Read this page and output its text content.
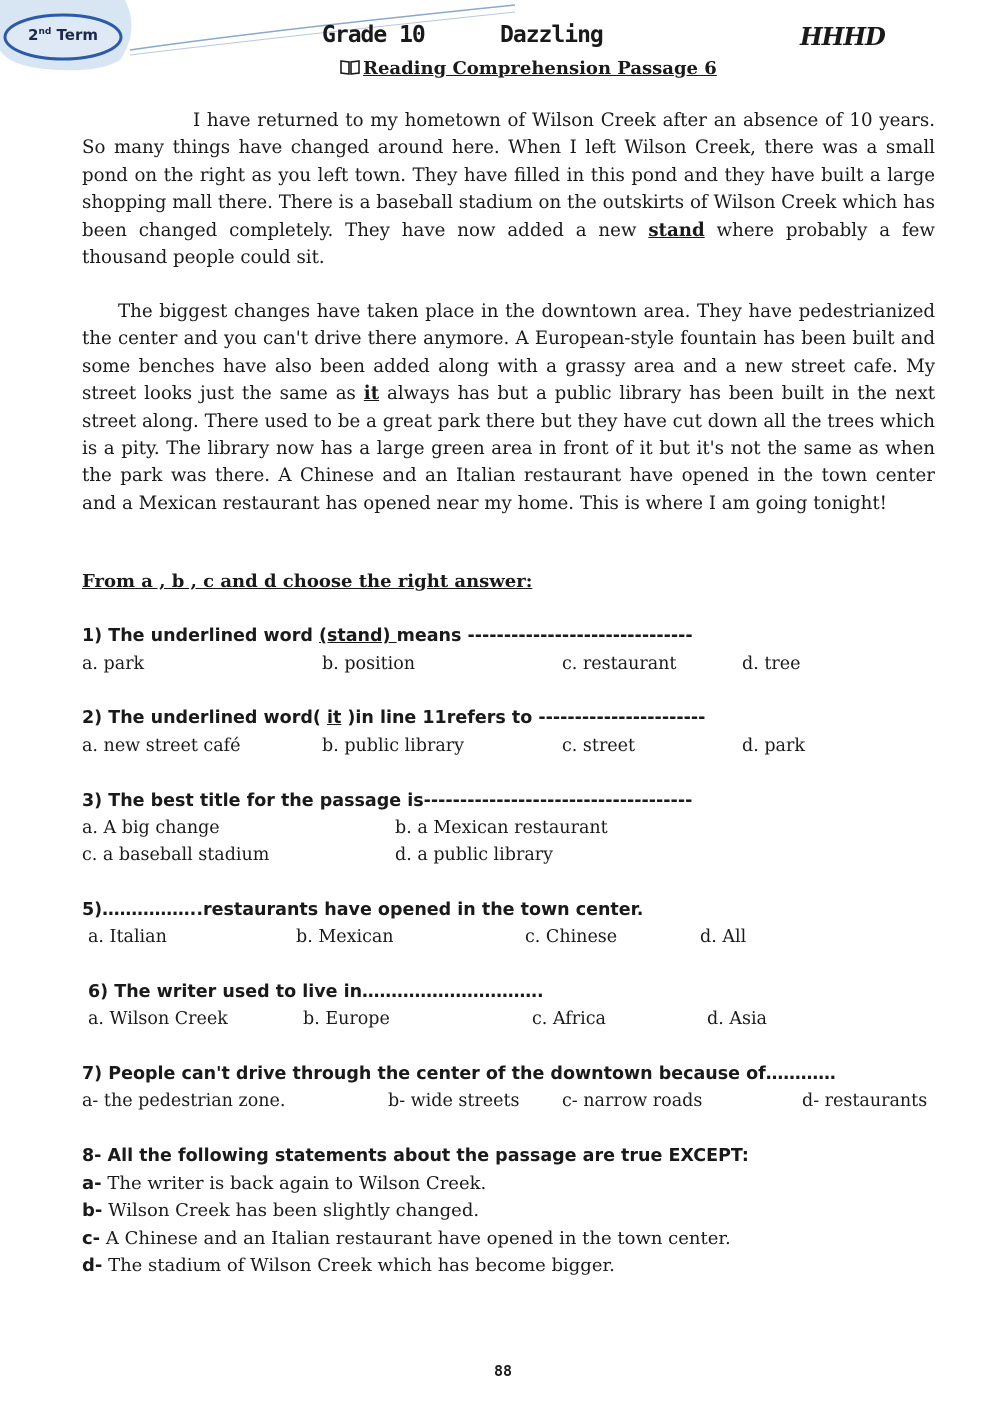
2nd Term	Grade 10	Dazzling	HHHD
Reading Comprehension Passage 6
I have returned to my hometown of Wilson Creek after an absence of 10 years. So many things have changed around here. When I left Wilson Creek, there was a small pond on the right as you left town. They have filled in this pond and they have built a large shopping mall there. There is a baseball stadium on the outskirts of Wilson Creek which has been changed completely. They have now added a new stand where probably a few thousand people could sit.
The biggest changes have taken place in the downtown area. They have pedestrianized the center and you can't drive there anymore. A European-style fountain has been built and some benches have also been added along with a grassy area and a new street cafe. My street looks just the same as it always has but a public library has been built in the next street along. There used to be a great park there but they have cut down all the trees which is a pity. The library now has a large green area in front of it but it's not the same as when the park was there. A Chinese and an Italian restaurant have opened in the town center and a Mexican restaurant has opened near my home. This is where I am going tonight!
From a , b , c and d choose the right answer:
1) The underlined word (stand) means -------------------------------
a. park	b. position	c. restaurant	d. tree
2) The underlined word( it )in line 11refers to -----------------------
a. new street café	b. public library	c. street	d. park
3) The best title for the passage is-------------------------------------
a. A big change	b. a Mexican restaurant
c. a baseball stadium	d. a public library
5)……………..restaurants have opened in the town center.
a. Italian	b. Mexican	c. Chinese	d. All
6) The writer used to live in………………………….
a. Wilson Creek	b. Europe	c. Africa	d. Asia
7) People can't drive through the center of the downtown because of…………
a- the pedestrian zone.	b- wide streets c- narrow roads	d- restaurants
8- All the following statements about the passage are true EXCEPT:
a- The writer is back again to Wilson Creek.
b- Wilson Creek has been slightly changed.
c- A Chinese and an Italian restaurant have opened in the town center.
d- The stadium of Wilson Creek which has become bigger.
88
